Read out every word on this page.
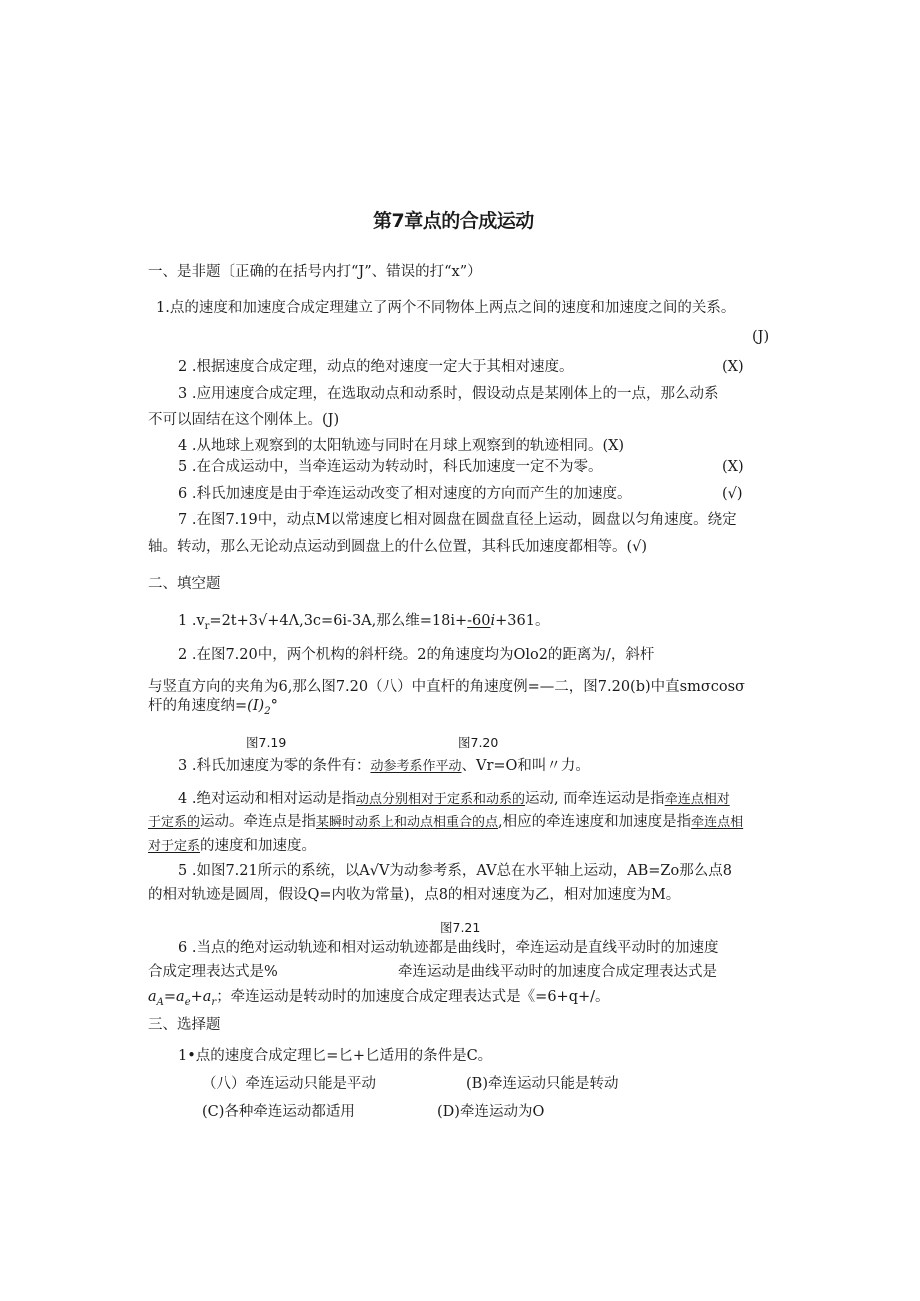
第7章点的合成运动
一、是非题〔正确的在括号内打“J”、错误的打“x”）
1.点的速度和加速度合成定理建立了两个不同物体上两点之间的速度和加速度之间的关系。
(J)
2 .根据速度合成定理，动点的绝对速度一定大于其相对速度。	(X)
3 .应用速度合成定理，在选取动点和动系时，假设动点是某刚体上的一点，那么动系
不可以固结在这个刚体上。(J)
4 .从地球上观察到的太阳轨迹与同时在月球上观察到的轨迹相同。(X)
5 .在合成运动中，当牵连运动为转动时，科氏加速度一定不为零。	(X)
6 .科氏加速度是由于牵连运动改变了相对速度的方向而产生的加速度。	(√)
7 .在图7.19中，动点M以常速度匕相对圆盘在圆盘直径上运动，圆盘以匀角速度。绕定
轴。转动，那么无论动点运动到圆盘上的什么位置，其科氏加速度都相等。(√)
二、填空题
1 $.v_r=2t+3√+4\Lambda,3c=6i-3A$,那么维=18i+-60i+361。
2 .在图7.20中，两个机构的斜杆绕。2的角速度均为Olo2的距离为/，斜杆
与竖直方向的夹角为6,那么图7.20（八）中直杆的角速度例=—二，图7.20(b)中直smσcosσ
杆的角速度纳$=(I)_2^\circ$
图7.19	图7.20
3 .科氏加速度为零的条件有：动参考系作平动、Vr=O和叫〃力。
4 .绝对运动和相对运动是指动点分别相对于定系和动系的运动, 而牵连运动是指牵连点相对
于定系的运动。牵连点是指某瞬时动系上和动点相重合的点,相应的牵连速度和加速度是指牵连点相
对于定系的速度和加速度。
5 .如图7.21所示的系统，以A√V为动参考系，AV总在水平轴上运动，AB=Zo那么点8
的相对轨迹是圆周，假设Q=内收为常量)，点8的相对速度为乙，相对加速度为M。
图7.21
6 .当点的绝对运动轨迹和相对运动轨迹都是曲线时，牵连运动是直线平动时的加速度
合成定理表达式是%	牵连运动是曲线平动时的加速度合成定理表达式是
$a_A=a_e+a_r$；牵连运动是转动时的加速度合成定理表达式是《=6+q+/。
三、选择题
1•点的速度合成定理匕=匕+匕适用的条件是C。
（八）牵连运动只能是平动	(B)牵连运动只能是转动
(C)各种牵连运动都适用	(D)牵连运动为O
